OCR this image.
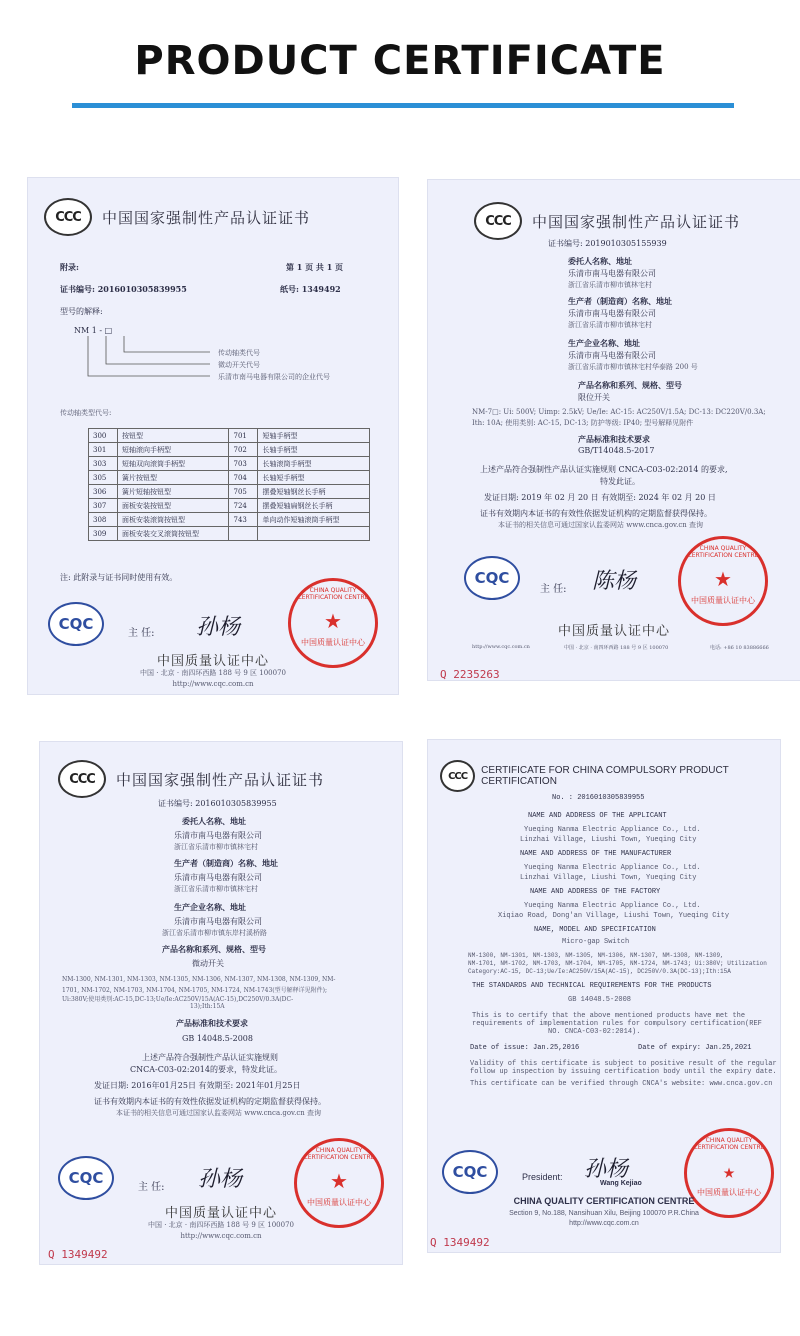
PRODUCT CERTIFICATE
CCC	中国国家强制性产品认证证书
附录:	第 1 页 共 1 页
证书编号: 2016010305839955	纸号: 1349492
型号的解释:
NM 1 - □
传动轴类代号
微动开关代号
乐清市南马电器有限公司的企业代号
传动轴类型代号:
300	按钮型	701	短轴手柄型
301	短轴滚向手柄型	702	长轴手柄型
303	短轴双向滚筒手柄型	703	长轴滚筒手柄型
305	簧片按钮型	704	长轴短手柄型
306	簧片短轴按钮型	705	摆叠短轴钢丝长手柄
307	面板安装按钮型	724	摆叠短轴扁钢丝长手柄
308	面板安装滚筒按钮型	743	单向动作短轴滚筒手柄型
309	面板安装交叉滚筒按钮型		
注: 此附录与证书同时使用有效。
CQC
主 任: 孙杨
CHINA QUALITY CERTIFICATION CENTRE
★
中国质量认证中心
中国质量认证中心
中国 · 北京 · 南四环西路 188 号 9 区 100070
http://www.cqc.com.cn
CCC	中国国家强制性产品认证证书
证书编号: 2019010305155939
委托人名称、地址
乐清市南马电器有限公司
浙江省乐清市柳市镇林宅村
生产者（制造商）名称、地址
乐清市南马电器有限公司
浙江省乐清市柳市镇林宅村
生产企业名称、地址
乐清市南马电器有限公司
浙江省乐清市柳市镇林宅村华泰路 200 号
产品名称和系列、规格、型号
限位开关
NM-7□: Ui: 500V; Uimp: 2.5kV; Ue/Ie: AC-15: AC250V/1.5A; DC-13: DC220V/0.3A;
Ith: 10A; 使用类别: AC-15, DC-13; 防护等级: IP40; 型号解释见附件
产品标准和技术要求
GB/T14048.5-2017
上述产品符合强制性产品认证实施规则 CNCA-C03-02:2014 的要求,
特发此证。
发证日期: 2019 年 02 月 20 日 有效期至: 2024 年 02 月 20 日
证书有效期内本证书的有效性依据发证机构的定期监督获得保持。
本证书的相关信息可通过国家认监委网站 www.cnca.gov.cn 查询
CQC
主 任: 陈杨
CHINA QUALITY CERTIFICATION CENTRE
★
中国质量认证中心
中国质量认证中心
http://www.cqc.com.cn	中国 · 北京 · 南四环西路 188 号 9 区 100070	电话: +86 10 83886666
Q 2235263
CCC	中国国家强制性产品认证证书
证书编号: 2016010305839955
委托人名称、地址
乐清市南马电器有限公司
浙江省乐清市柳市镇林宅村
生产者（制造商）名称、地址
乐清市南马电器有限公司
浙江省乐清市柳市镇林宅村
生产企业名称、地址
乐清市南马电器有限公司
浙江省乐清市柳市镇东岸村溪桥路
产品名称和系列、规格、型号
微动开关
NM-1300, NM-1301, NM-1303, NM-1305, NM-1306, NM-1307, NM-1308, NM-1309, NM-
1701, NM-1702, NM-1703, NM-1704, NM-1705, NM-1724, NM-1743(型号解释详见附件);
Ui:380V;使用类别:AC-15,DC-13;Ue/Ie:AC250V/15A(AC-15),DC250V/0.3A(DC-
13);Ith:15A
产品标准和技术要求
GB 14048.5-2008
上述产品符合强制性产品认证实施规则
CNCA-C03-02:2014的要求，特发此证。
发证日期: 2016年01月25日 有效期至: 2021年01月25日
证书有效期内本证书的有效性依据发证机构的定期监督获得保持。
本证书的相关信息可通过国家认监委网站 www.cnca.gov.cn 查询
CQC
主 任: 孙杨
CHINA QUALITY CERTIFICATION CENTRE
★
中国质量认证中心
中国质量认证中心
中国 · 北京 · 南四环西路 188 号 9 区 100070
http://www.cqc.com.cn
Q 1349492
CCC	CERTIFICATE FOR CHINA COMPULSORY PRODUCT CERTIFICATION
No. : 2016010305839955
NAME AND ADDRESS OF THE APPLICANT
Yueqing Nanma Electric Appliance Co., Ltd.
Linzhai Village, Liushi Town, Yueqing City
NAME AND ADDRESS OF THE MANUFACTURER
Yueqing Nanma Electric Appliance Co., Ltd.
Linzhai Village, Liushi Town, Yueqing City
NAME AND ADDRESS OF THE FACTORY
Yueqing Nanma Electric Appliance Co., Ltd.
Xiqiao Road, Dong'an Village, Liushi Town, Yueqing City
NAME, MODEL AND SPECIFICATION
Micro-gap Switch
NM-1300, NM-1301, NM-1303, NM-1305, NM-1306, NM-1307, NM-1308, NM-1309,
NM-1701, NM-1702, NM-1703, NM-1704, NM-1705, NM-1724, NM-1743; Ui:380V; Utilization
Category:AC-15, DC-13;Ue/Ie:AC250V/15A(AC-15), DC250V/0.3A(DC-13);Ith:15A
THE STANDARDS AND TECHNICAL REQUIREMENTS FOR THE PRODUCTS
GB 14048.5-2008
This is to certify that the above mentioned products have met the
requirements of implementation rules for compulsory certification(REF
NO. CNCA-C03-02:2014).
Date of issue: Jan.25,2016	Date of expiry: Jan.25,2021
Validity of this certificate is subject to positive result of the regular
follow up inspection by issuing certification body until the expiry date.
This certificate can be verified through CNCA's website: www.cnca.gov.cn
CQC	President: 孙杨
Wang Kejiao
CHINA QUALITY CERTIFICATION CENTRE
★
中国质量认证中心
CHINA QUALITY CERTIFICATION CENTRE
Section 9, No.188, Nansihuan Xilu, Beijing 100070 P.R.China
http://www.cqc.com.cn
Q 1349492
